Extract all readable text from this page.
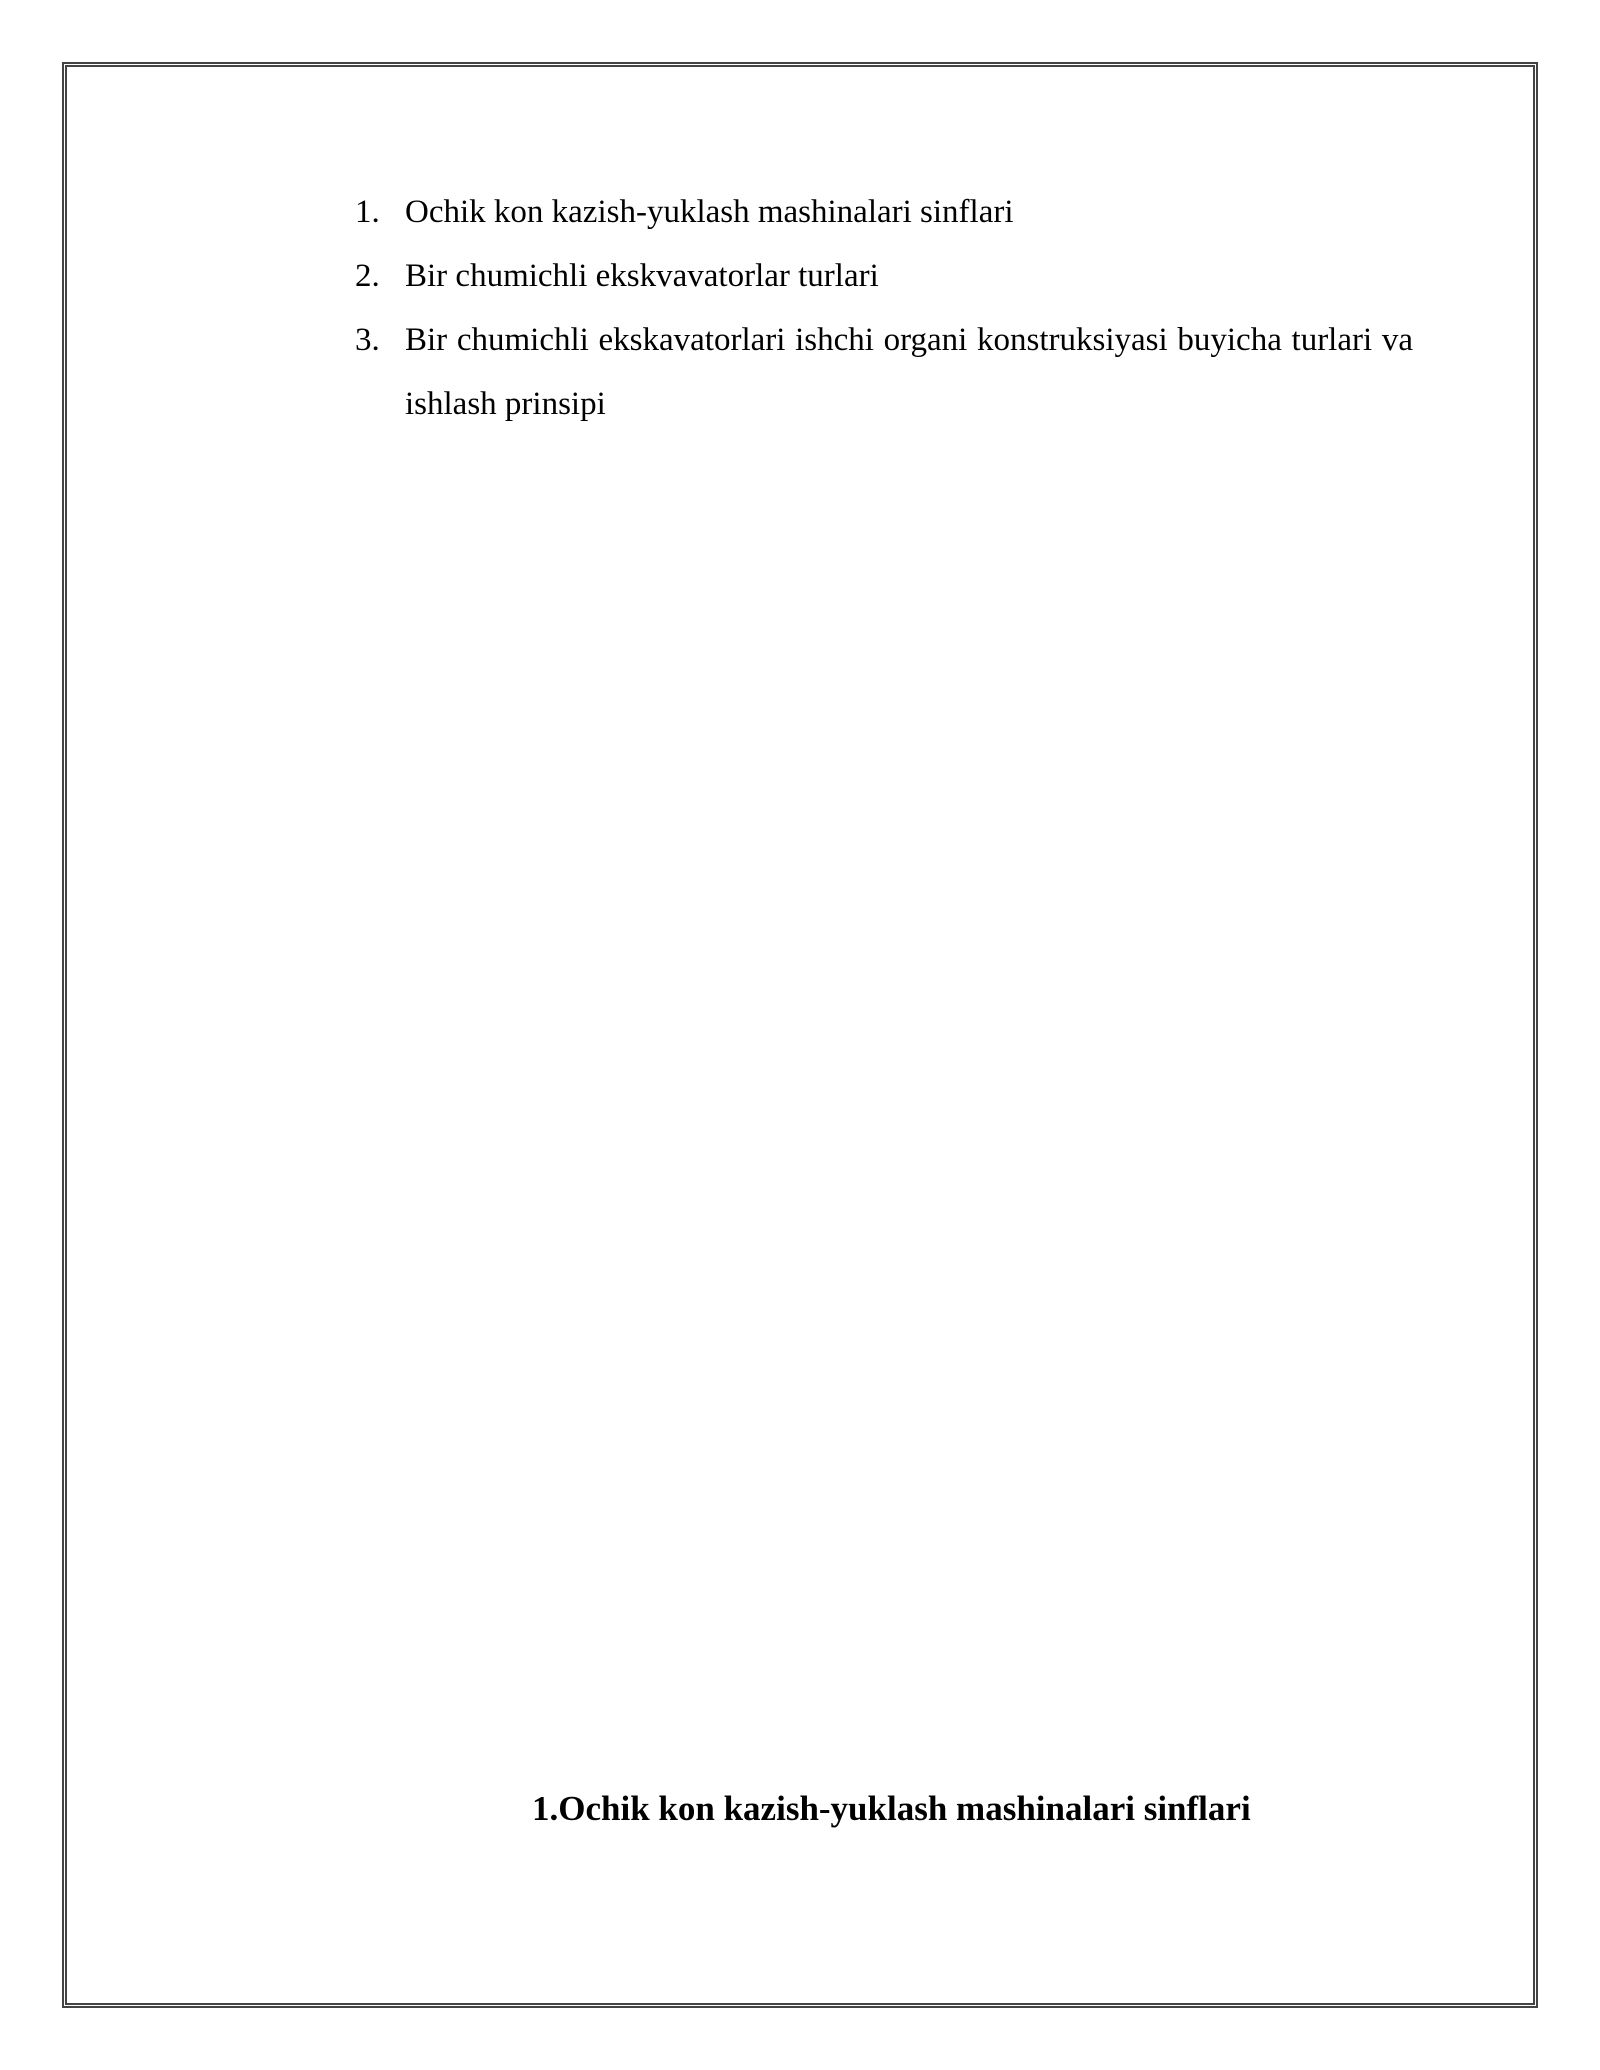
1. Ochik kon kazish-yuklash mashinalari sinflari
2. Bir chumichli ekskvavatorlar turlari
3. Bir chumichli ekskavatorlari ishchi organi konstruksiyasi buyicha turlari va ishlash prinsipi
1.Ochik kon kazish-yuklash mashinalari sinflari
